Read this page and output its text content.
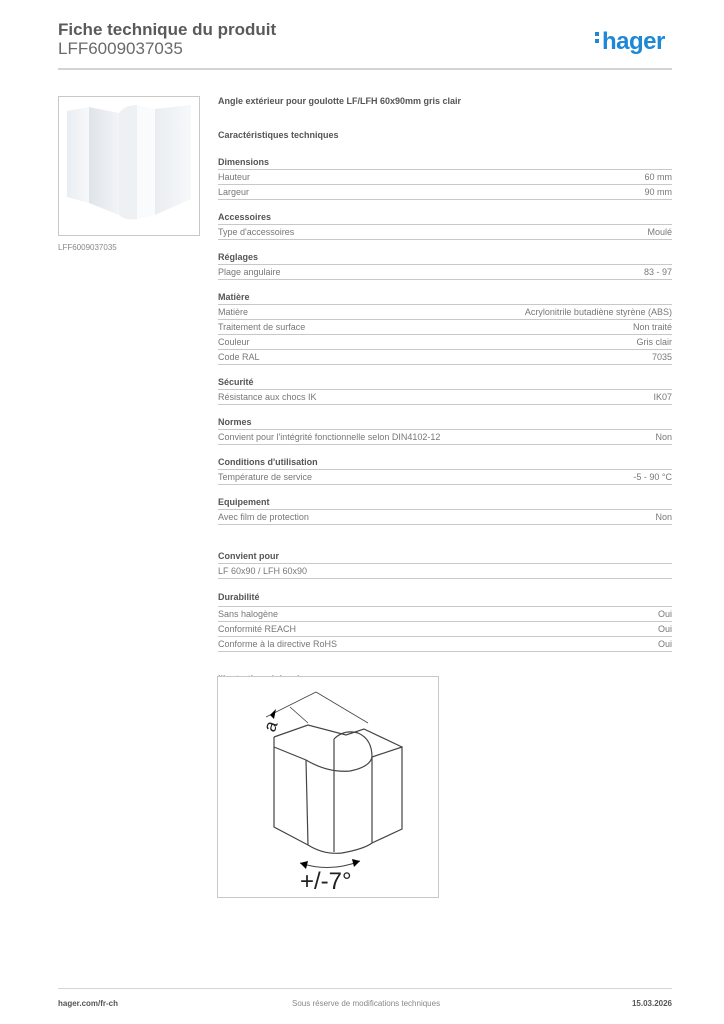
Fiche technique du produit
LFF6009037035	hager
LFF6009037035
Angle extérieur pour goulotte LF/LFH 60x90mm gris clair
Caractéristiques techniques
Dimensions
Hauteur	60 mm
Largeur	90 mm
Accessoires
Type d'accessoires	Moulé
Réglages
Plage angulaire	83 - 97
Matière
Matière	Acrylonitrile butadiène styrène (ABS)
Traitement de surface	Non traité
Couleur	Gris clair
Code RAL	7035
Sécurité
Résistance aux chocs IK	IK07
Normes
Convient pour l'intégrité fonctionnelle selon DIN4102-12	Non
Conditions d'utilisation
Température de service	-5 - 90 °C
Equipement
Avec film de protection	Non
Convient pour
LF 60x90 / LFH 60x90
Durabilité
Sans halogène	Oui
Conformité REACH	Oui
Conforme à la directive RoHS	Oui
a
+/-7°
hager.com/fr-ch	Sous réserve de modifications techniques	15.03.2026
